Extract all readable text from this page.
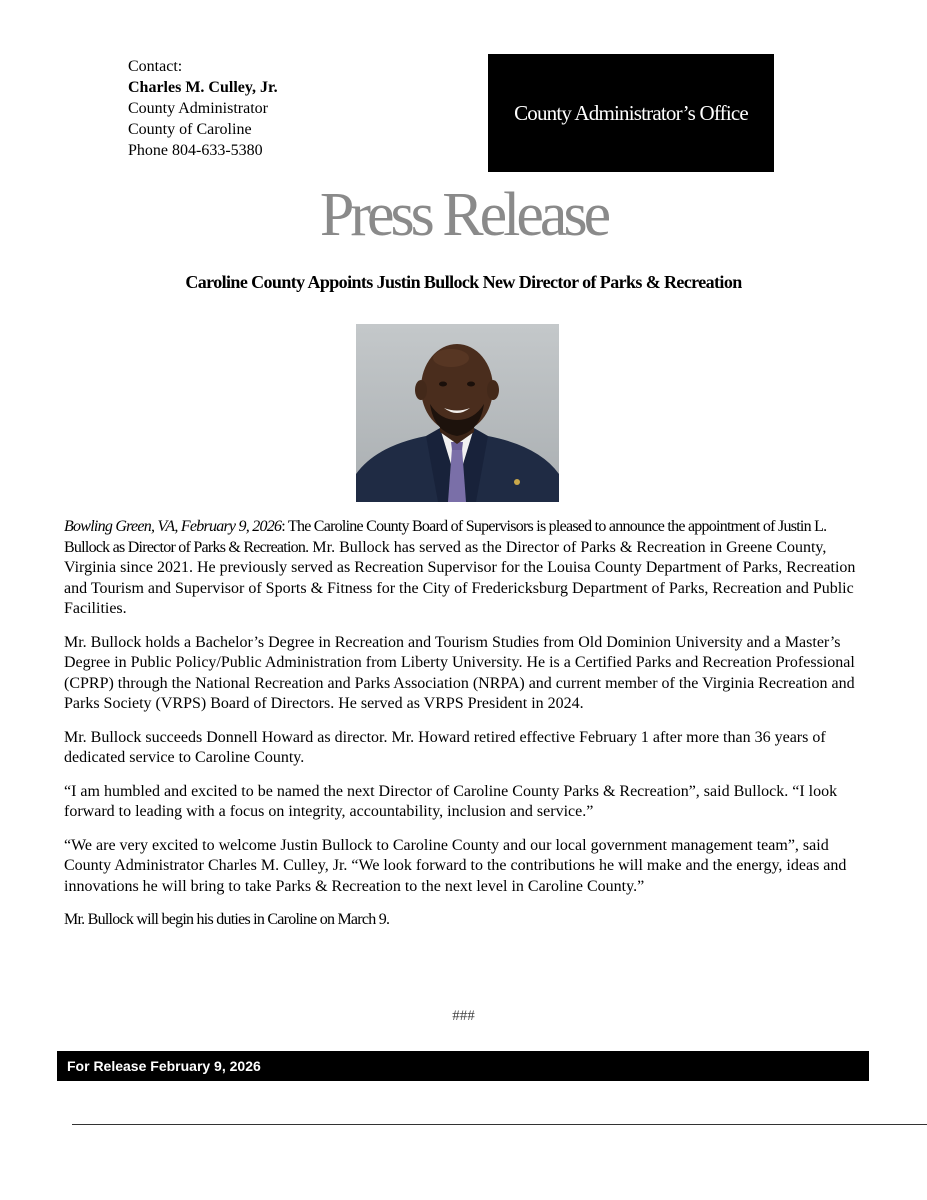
Contact:
Charles M. Culley, Jr.
County Administrator
County of Caroline
Phone 804-633-5380
County Administrator’s Office
Press Release
Caroline County Appoints Justin Bullock New Director of Parks & Recreation

Bowling Green, VA, February 9, 2026: The Caroline County Board of Supervisors is pleased to announce the appointment of Justin L. Bullock as Director of Parks & Recreation. Mr. Bullock has served as the Director of Parks & Recreation in Greene County, Virginia since 2021. He previously served as Recreation Supervisor for the Louisa County Department of Parks, Recreation and Tourism and Supervisor of Sports & Fitness for the City of Fredericksburg Department of Parks, Recreation and Public Facilities.

Mr. Bullock holds a Bachelor’s Degree in Recreation and Tourism Studies from Old Dominion University and a Master’s Degree in Public Policy/Public Administration from Liberty University. He is a Certified Parks and Recreation Professional (CPRP) through the National Recreation and Parks Association (NRPA) and current member of the Virginia Recreation and Parks Society (VRPS) Board of Directors. He served as VRPS President in 2024.

Mr. Bullock succeeds Donnell Howard as director. Mr. Howard retired effective February 1 after more than 36 years of dedicated service to Caroline County.

“I am humbled and excited to be named the next Director of Caroline County Parks & Recreation”, said Bullock. “I look forward to leading with a focus on integrity, accountability, inclusion and service.”

“We are very excited to welcome Justin Bullock to Caroline County and our local government management team”, said County Administrator Charles M. Culley, Jr. “We look forward to the contributions he will make and the energy, ideas and innovations he will bring to take Parks & Recreation to the next level in Caroline County.”

Mr. Bullock will begin his duties in Caroline on March 9.

###
For Release February 9, 2026
